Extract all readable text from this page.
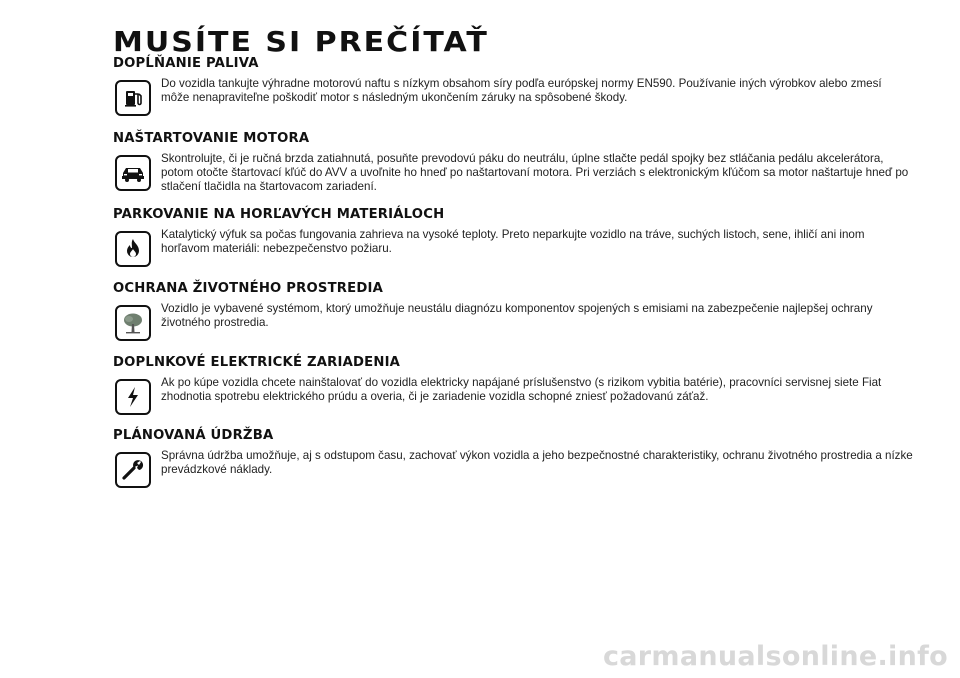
MUSÍTE SI PREČÍTAŤ
DOPĹŇANIE PALIVA

Do vozidla tankujte výhradne motorovú naftu s nízkym obsahom síry podľa európskej normy EN590. Používanie iných výrobkov alebo zmesí môže nenapraviteľne poškodiť motor s následným ukončením záruky na spôsobené škody.

NAŠTARTOVANIE MOTORA

Skontrolujte, či je ručná brzda zatiahnutá, posuňte prevodovú páku do neutrálu, úplne stlačte pedál spojky bez stláčania pedálu akcelerátora, potom otočte štartovací kľúč do AVV a uvoľnite ho hneď po naštartovaní motora. Pri verziách s elektronickým kľúčom sa motor naštartuje hneď po stlačení tlačidla na štartovacom zariadení.

PARKOVANIE NA HORĽAVÝCH MATERIÁLOCH

Katalytický výfuk sa počas fungovania zahrieva na vysoké teploty. Preto neparkujte vozidlo na tráve, suchých listoch, sene, ihličí ani inom horľavom materiáli: nebezpečenstvo požiaru.

OCHRANA ŽIVOTNÉHO PROSTREDIA

Vozidlo je vybavené systémom, ktorý umožňuje neustálu diagnózu komponentov spojených s emisiami na zabezpečenie najlepšej ochrany životného prostredia.

DOPLNKOVÉ ELEKTRICKÉ ZARIADENIA

Ak po kúpe vozidla chcete nainštalovať do vozidla elektricky napájané príslušenstvo (s rizikom vybitia batérie), pracovníci servisnej siete Fiat zhodnotia spotrebu elektrického prúdu a overia, či je zariadenie vozidla schopné zniesť požadovanú záťaž.

PLÁNOVANÁ ÚDRŽBA

Správna údržba umožňuje, aj s odstupom času, zachovať výkon vozidla a jeho bezpečnostné charakteristiky, ochranu životného prostredia a nízke prevádzkové náklady.

carmanualsonline.info
